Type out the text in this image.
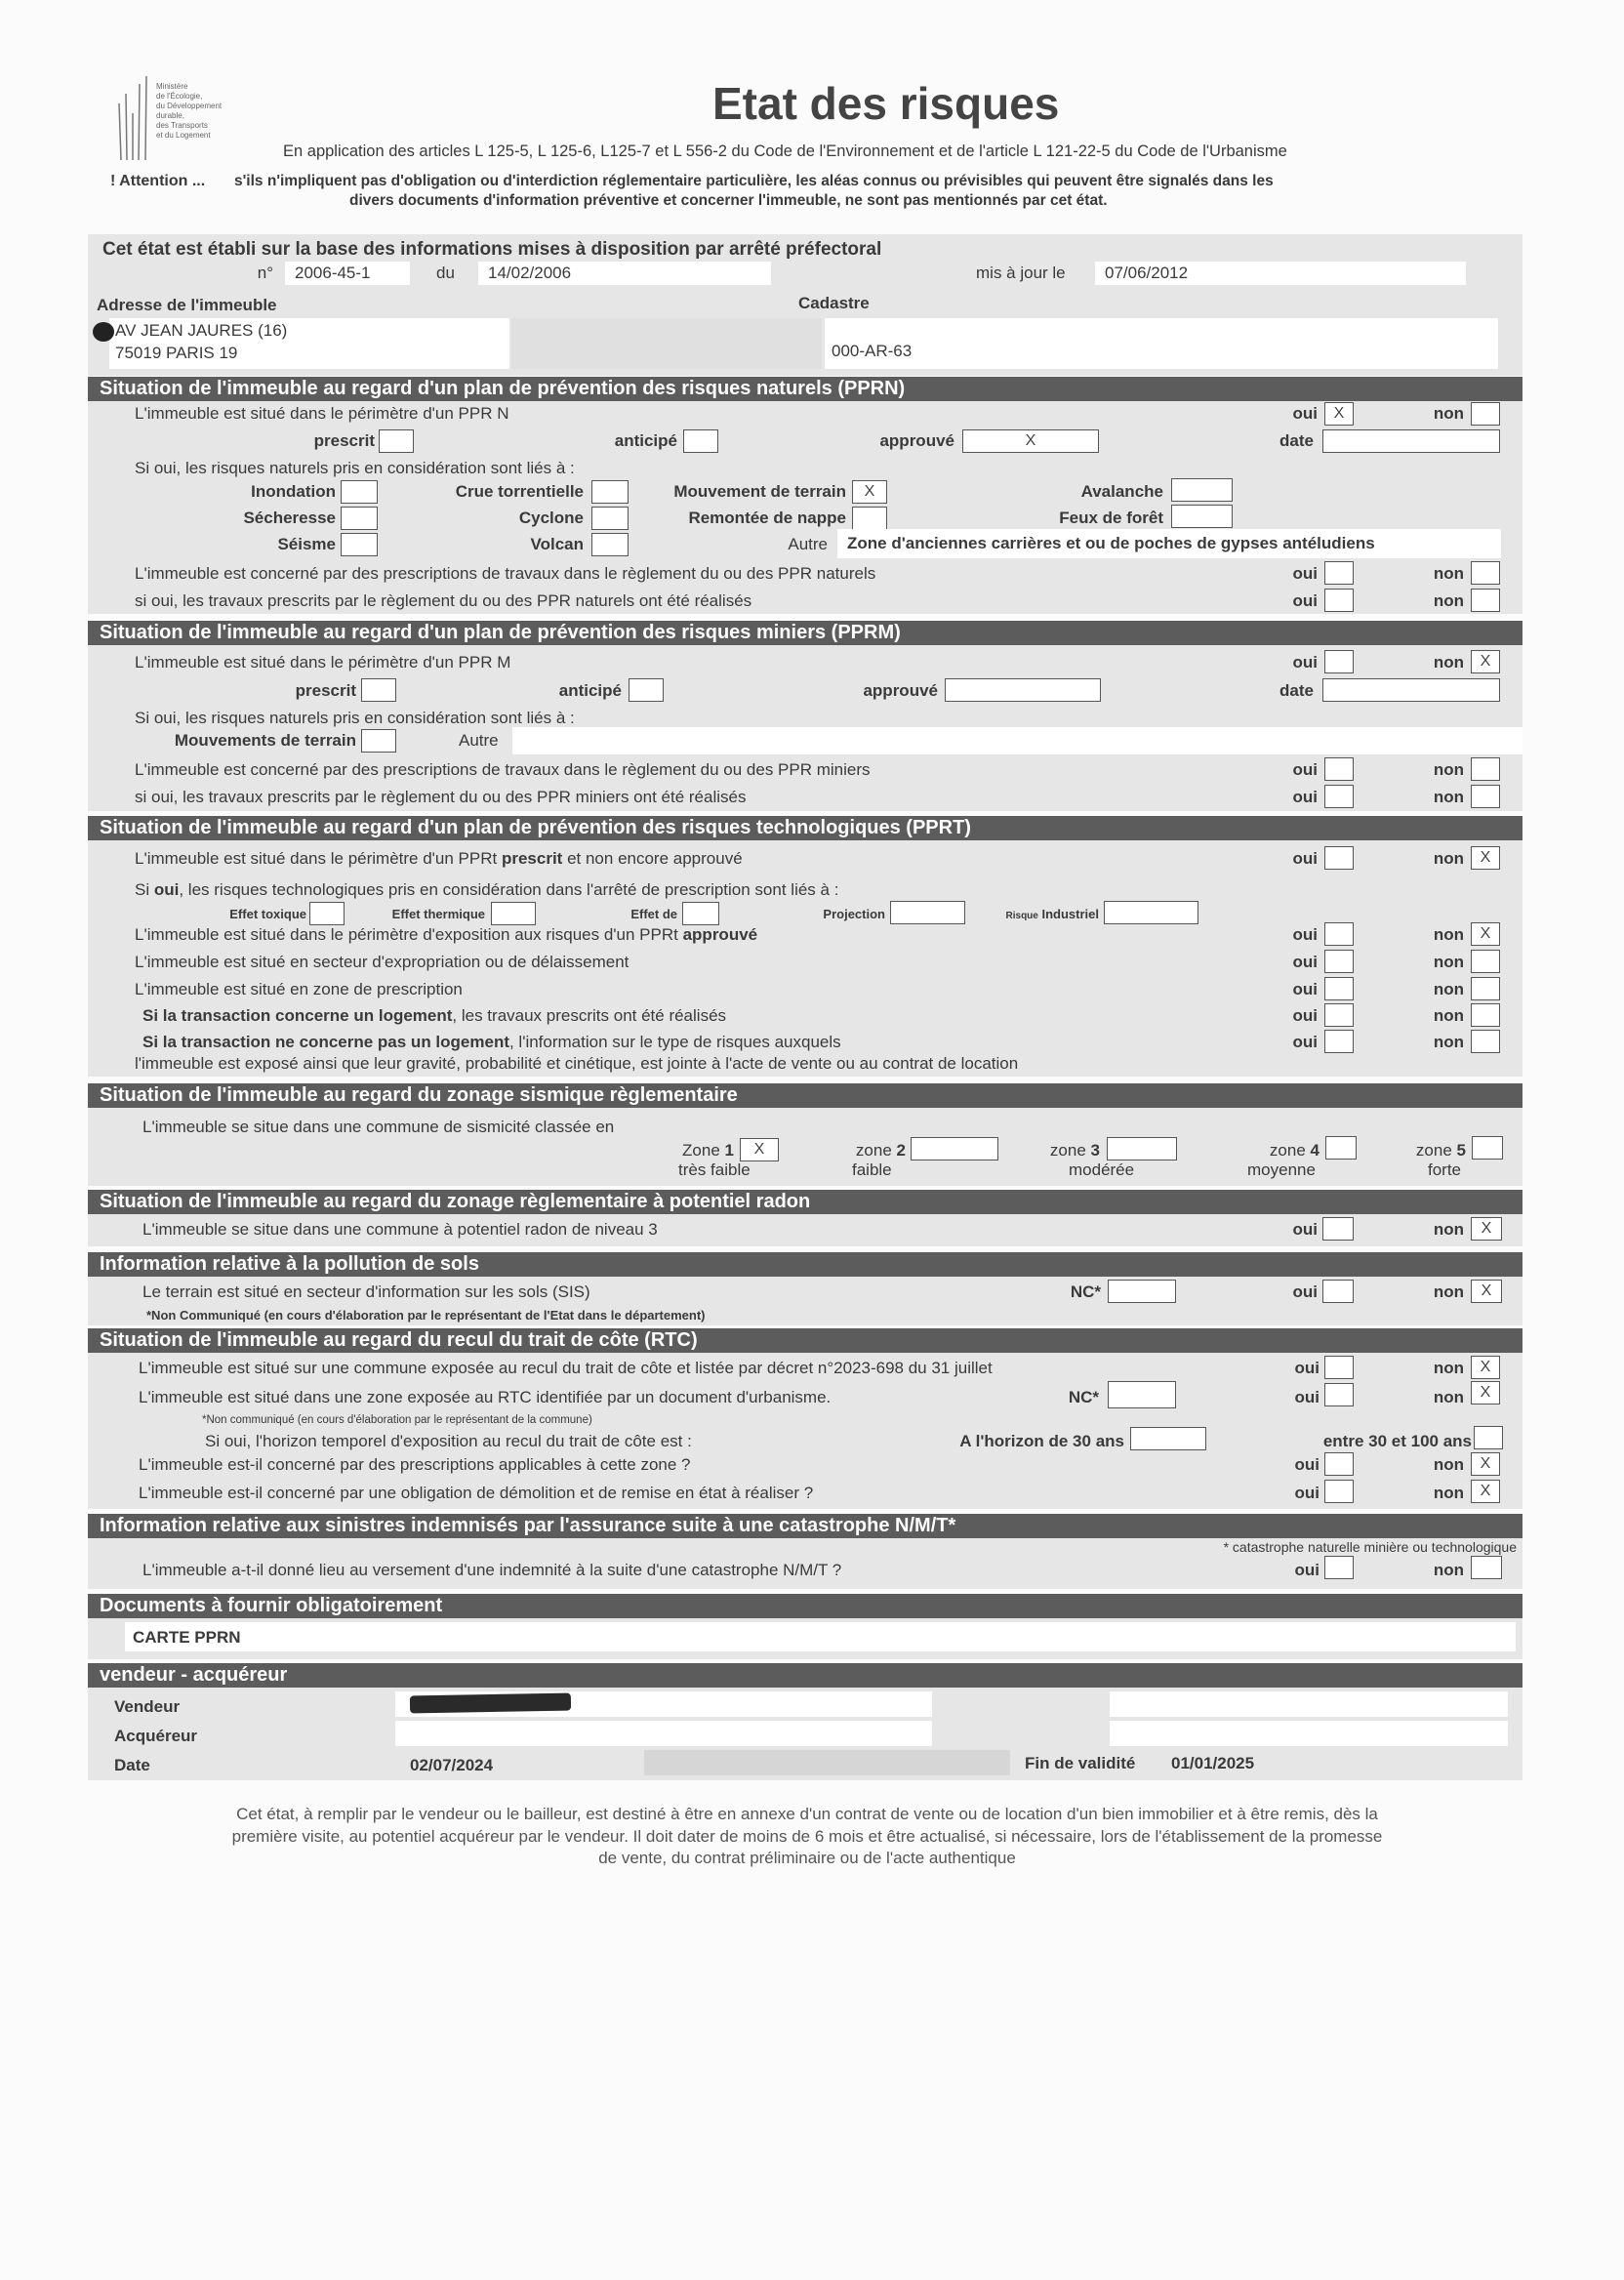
Ministère
de l'Écologie,
du Développement
durable,
des Transports
et du Logement
Etat des risques
En application des articles L 125-5, L 125-6, L125-7 et L 556-2 du Code de l'Environnement et de l'article L 121-22-5 du Code de l'Urbanisme
! Attention ... s'ils n'impliquent pas d'obligation ou d'interdiction réglementaire particulière, les aléas connus ou prévisibles qui peuvent être signalés dans les
divers documents d'information préventive et concerner l'immeuble, ne sont pas mentionnés par cet état.
Cet état est établi sur la base des informations mises à disposition par arrêté préfectoral
n° 2006-45-1	du 14/02/2006	mis à jour le 07/06/2012
Adresse de l'immeuble	Cadastre
AV JEAN JAURES (16)
75019 PARIS 19	000-AR-63
Situation de l'immeuble au regard d'un plan de prévention des risques naturels (PPRN)
L'immeuble est situé dans le périmètre d'un PPR N	oui	X	non
prescrit	anticipé	approuvé	X	date
Si oui, les risques naturels pris en considération sont liés à :
Inondation	Crue torrentielle	Mouvement de terrain	X	Avalanche
Sécheresse	Cyclone	Remontée de nappe	Feux de forêt
Séisme	Volcan	Autre Zone d'anciennes carrières et ou de poches de gypses antéludiens
L'immeuble est concerné par des prescriptions de travaux dans le règlement du ou des PPR naturels	oui	non
si oui, les travaux prescrits par le règlement du ou des PPR naturels ont été réalisés	oui	non
Situation de l'immeuble au regard d'un plan de prévention des risques miniers (PPRM)
L'immeuble est situé dans le périmètre d'un PPR M	oui	non	X
prescrit	anticipé	approuvé	date
Si oui, les risques naturels pris en considération sont liés à :
Mouvements de terrain	Autre
L'immeuble est concerné par des prescriptions de travaux dans le règlement du ou des PPR miniers	oui	non
si oui, les travaux prescrits par le règlement du ou des PPR miniers ont été réalisés	oui	non
Situation de l'immeuble au regard d'un plan de prévention des risques technologiques (PPRT)
L'immeuble est situé dans le périmètre d'un PPRt prescrit et non encore approuvé	oui	non	X
Si oui, les risques technologiques pris en considération dans l'arrêté de prescription sont liés à :
Effet toxique	Effet thermique	Effet de	Projection	Risque Industriel
L'immeuble est situé dans le périmètre d'exposition aux risques d'un PPRt approuvé	oui	non	X
L'immeuble est situé en secteur d'expropriation ou de délaissement	oui	non
L'immeuble est situé en zone de prescription	oui	non
Si la transaction concerne un logement, les travaux prescrits ont été réalisés	oui	non
Si la transaction ne concerne pas un logement, l'information sur le type de risques auxquels	oui	non
l'immeuble est exposé ainsi que leur gravité, probabilité et cinétique, est jointe à l'acte de vente ou au contrat de location
Situation de l'immeuble au regard du zonage sismique règlementaire
L'immeuble se situe dans une commune de sismicité classée en
Zone 1	X
très faible
zone 2
faible
zone 3
modérée
zone 4
moyenne
zone 5
forte
Situation de l'immeuble au regard du zonage règlementaire à potentiel radon
L'immeuble se situe dans une commune à potentiel radon de niveau 3	oui	non	X
Information relative à la pollution de sols
Le terrain est situé en secteur d'information sur les sols (SIS)	NC*	oui	non	X
*Non Communiqué (en cours d'élaboration par le représentant de l'Etat dans le département)
Situation de l'immeuble au regard du recul du trait de côte (RTC)
L'immeuble est situé sur une commune exposée au recul du trait de côte et listée par décret n°2023-698 du 31 juillet	oui	non	X
L'immeuble est situé dans une zone exposée au RTC identifiée par un document d'urbanisme.	NC*	oui	non	X
*Non communiqué (en cours d'élaboration par le représentant de la commune)
Si oui, l'horizon temporel d'exposition au recul du trait de côte est :	A l'horizon de 30 ans	entre 30 et 100 ans
L'immeuble est-il concerné par des prescriptions applicables à cette zone ?	oui	non	X
L'immeuble est-il concerné par une obligation de démolition et de remise en état à réaliser ?	oui	non	X
Information relative aux sinistres indemnisés par l'assurance suite à une catastrophe N/M/T*
* catastrophe naturelle minière ou technologique
L'immeuble a-t-il donné lieu au versement d'une indemnité à la suite d'une catastrophe N/M/T ?	oui	non
Documents à fournir obligatoirement
CARTE PPRN
vendeur - acquéreur
Vendeur
Acquéreur
Date	02/07/2024	Fin de validité 01/01/2025
Cet état, à remplir par le vendeur ou le bailleur, est destiné à être en annexe d'un contrat de vente ou de location d'un bien immobilier et à être remis, dès la
première visite, au potentiel acquéreur par le vendeur. Il doit dater de moins de 6 mois et être actualisé, si nécessaire, lors de l'établissement de la promesse
de vente, du contrat préliminaire ou de l'acte authentique
